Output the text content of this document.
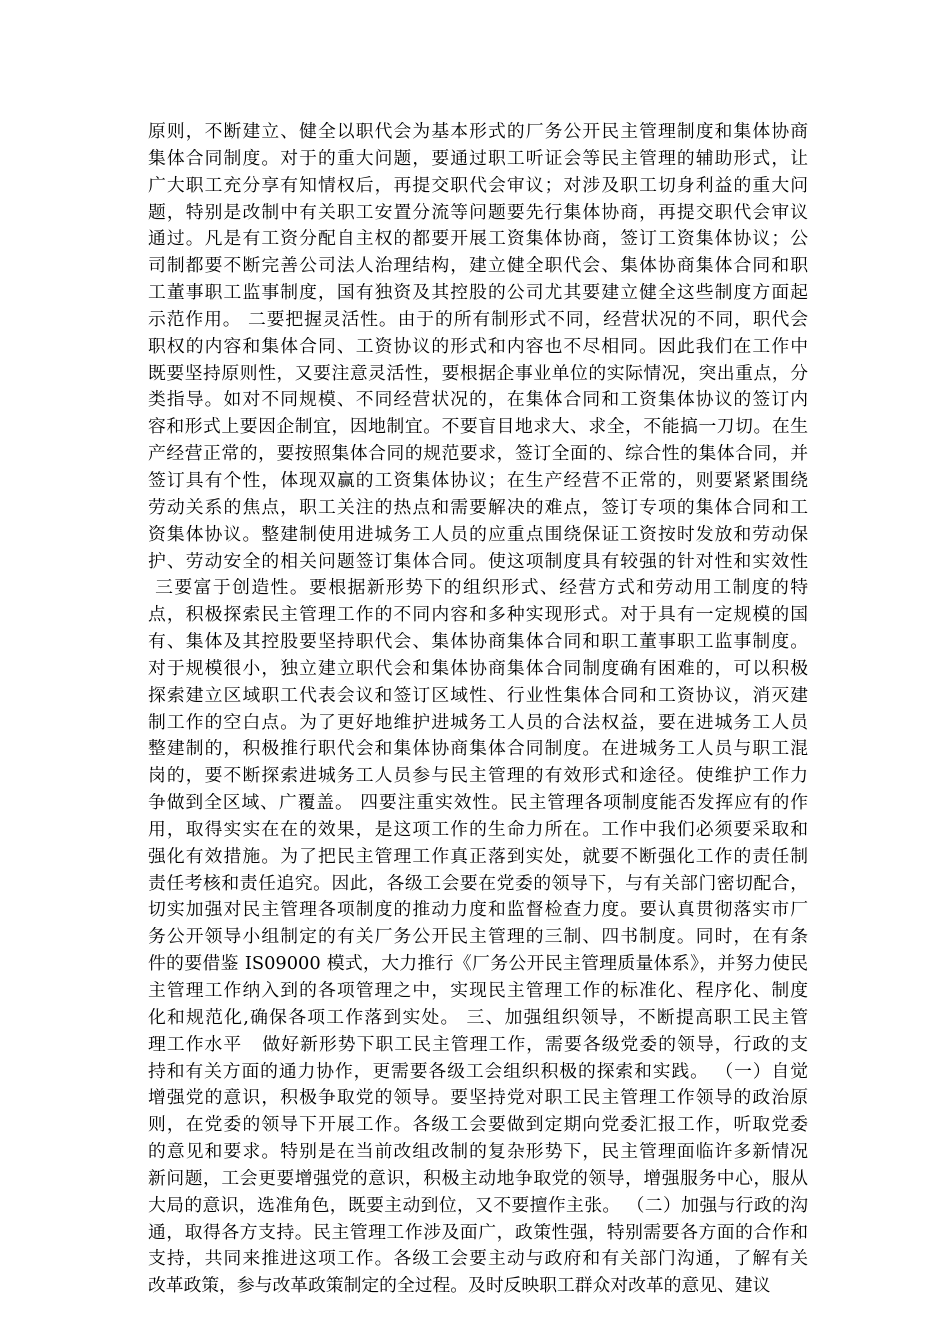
原则，不断建立、健全以职代会为基本形式的厂务公开民主管理制度和集体协商
集体合同制度。对于的重大问题，要通过职工听证会等民主管理的辅助形式，让
广大职工充分享有知情权后，再提交职代会审议；对涉及职工切身利益的重大问
题，特别是改制中有关职工安置分流等问题要先行集体协商，再提交职代会审议
通过。凡是有工资分配自主权的都要开展工资集体协商，签订工资集体协议；公
司制都要不断完善公司法人治理结构，建立健全职代会、集体协商集体合同和职
工董事职工监事制度，国有独资及其控股的公司尤其要建立健全这些制度方面起
示范作用。 二要把握灵活性。由于的所有制形式不同，经营状况的不同，职代会
职权的内容和集体合同、工资协议的形式和内容也不尽相同。因此我们在工作中
既要坚持原则性，又要注意灵活性，要根据企事业单位的实际情况，突出重点，分
类指导。如对不同规模、不同经营状况的，在集体合同和工资集体协议的签订内
容和形式上要因企制宜，因地制宜。不要盲目地求大、求全，不能搞一刀切。在生
产经营正常的，要按照集体合同的规范要求，签订全面的、综合性的集体合同，并
签订具有个性，体现双赢的工资集体协议；在生产经营不正常的，则要紧紧围绕
劳动关系的焦点，职工关注的热点和需要解决的难点，签订专项的集体合同和工
资集体协议。整建制使用进城务工人员的应重点围绕保证工资按时发放和劳动保
护、劳动安全的相关问题签订集体合同。使这项制度具有较强的针对性和实效性
三要富于创造性。要根据新形势下的组织形式、经营方式和劳动用工制度的特
点，积极探索民主管理工作的不同内容和多种实现形式。对于具有一定规模的国
有、集体及其控股要坚持职代会、集体协商集体合同和职工董事职工监事制度。
对于规模很小，独立建立职代会和集体协商集体合同制度确有困难的，可以积极
探索建立区域职工代表会议和签订区域性、行业性集体合同和工资协议，消灭建
制工作的空白点。为了更好地维护进城务工人员的合法权益，要在进城务工人员
整建制的，积极推行职代会和集体协商集体合同制度。在进城务工人员与职工混
岗的，要不断探索进城务工人员参与民主管理的有效形式和途径。使维护工作力
争做到全区域、广覆盖。 四要注重实效性。民主管理各项制度能否发挥应有的作
用，取得实实在在的效果，是这项工作的生命力所在。工作中我们必须要采取和
强化有效措施。为了把民主管理工作真正落到实处，就要不断强化工作的责任制
责任考核和责任追究。因此，各级工会要在党委的领导下，与有关部门密切配合，
切实加强对民主管理各项制度的推动力度和监督检查力度。要认真贯彻落实市厂
务公开领导小组制定的有关厂务公开民主管理的三制、四书制度。同时，在有条
件的要借鉴 IS09000 模式，大力推行《厂务公开民主管理质量体系》，并努力使民
主管理工作纳入到的各项管理之中，实现民主管理工作的标准化、程序化、制度
化和规范化,确保各项工作落到实处。 三、加强组织领导，不断提高职工民主管
理工作水平   做好新形势下职工民主管理工作，需要各级党委的领导，行政的支
持和有关方面的通力协作，更需要各级工会组织积极的探索和实践。 （一）自觉
增强党的意识，积极争取党的领导。要坚持党对职工民主管理工作领导的政治原
则，在党委的领导下开展工作。各级工会要做到定期向党委汇报工作，听取党委
的意见和要求。特别是在当前改组改制的复杂形势下，民主管理面临许多新情况
新问题，工会更要增强党的意识，积极主动地争取党的领导，增强服务中心，服从
大局的意识，选准角色，既要主动到位，又不要擅作主张。 （二）加强与行政的沟
通，取得各方支持。民主管理工作涉及面广，政策性强，特别需要各方面的合作和
支持，共同来推进这项工作。各级工会要主动与政府和有关部门沟通，了解有关
改革政策，参与改革政策制定的全过程。及时反映职工群众对改革的意见、建议
